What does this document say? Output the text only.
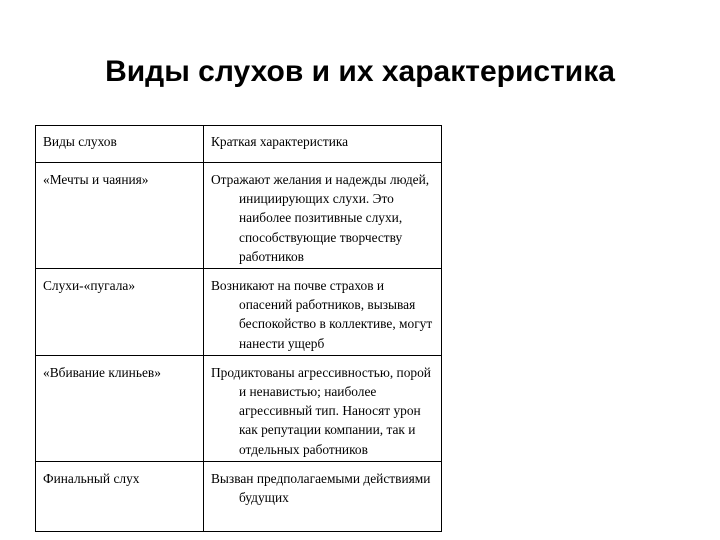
Виды слухов и их характеристика
Виды слухов	Краткая характеристика
«Мечты и чаяния»	Отражают желания и надежды людей, инициирующих слухи. Это наиболее позитивные слухи, способствующие творчеству работников
Слухи-«пугала»	Возникают на почве страхов и опасений работников, вызывая беспокойство в коллективе, могут нанести ущерб
«Вбивание клиньев»	Продиктованы агрессивностью, порой и ненавистью; наиболее агрессивный тип. Наносят урон как репутации компании, так и отдельных работников
Финальный слух	Вызван предполагаемыми действиями будущих
